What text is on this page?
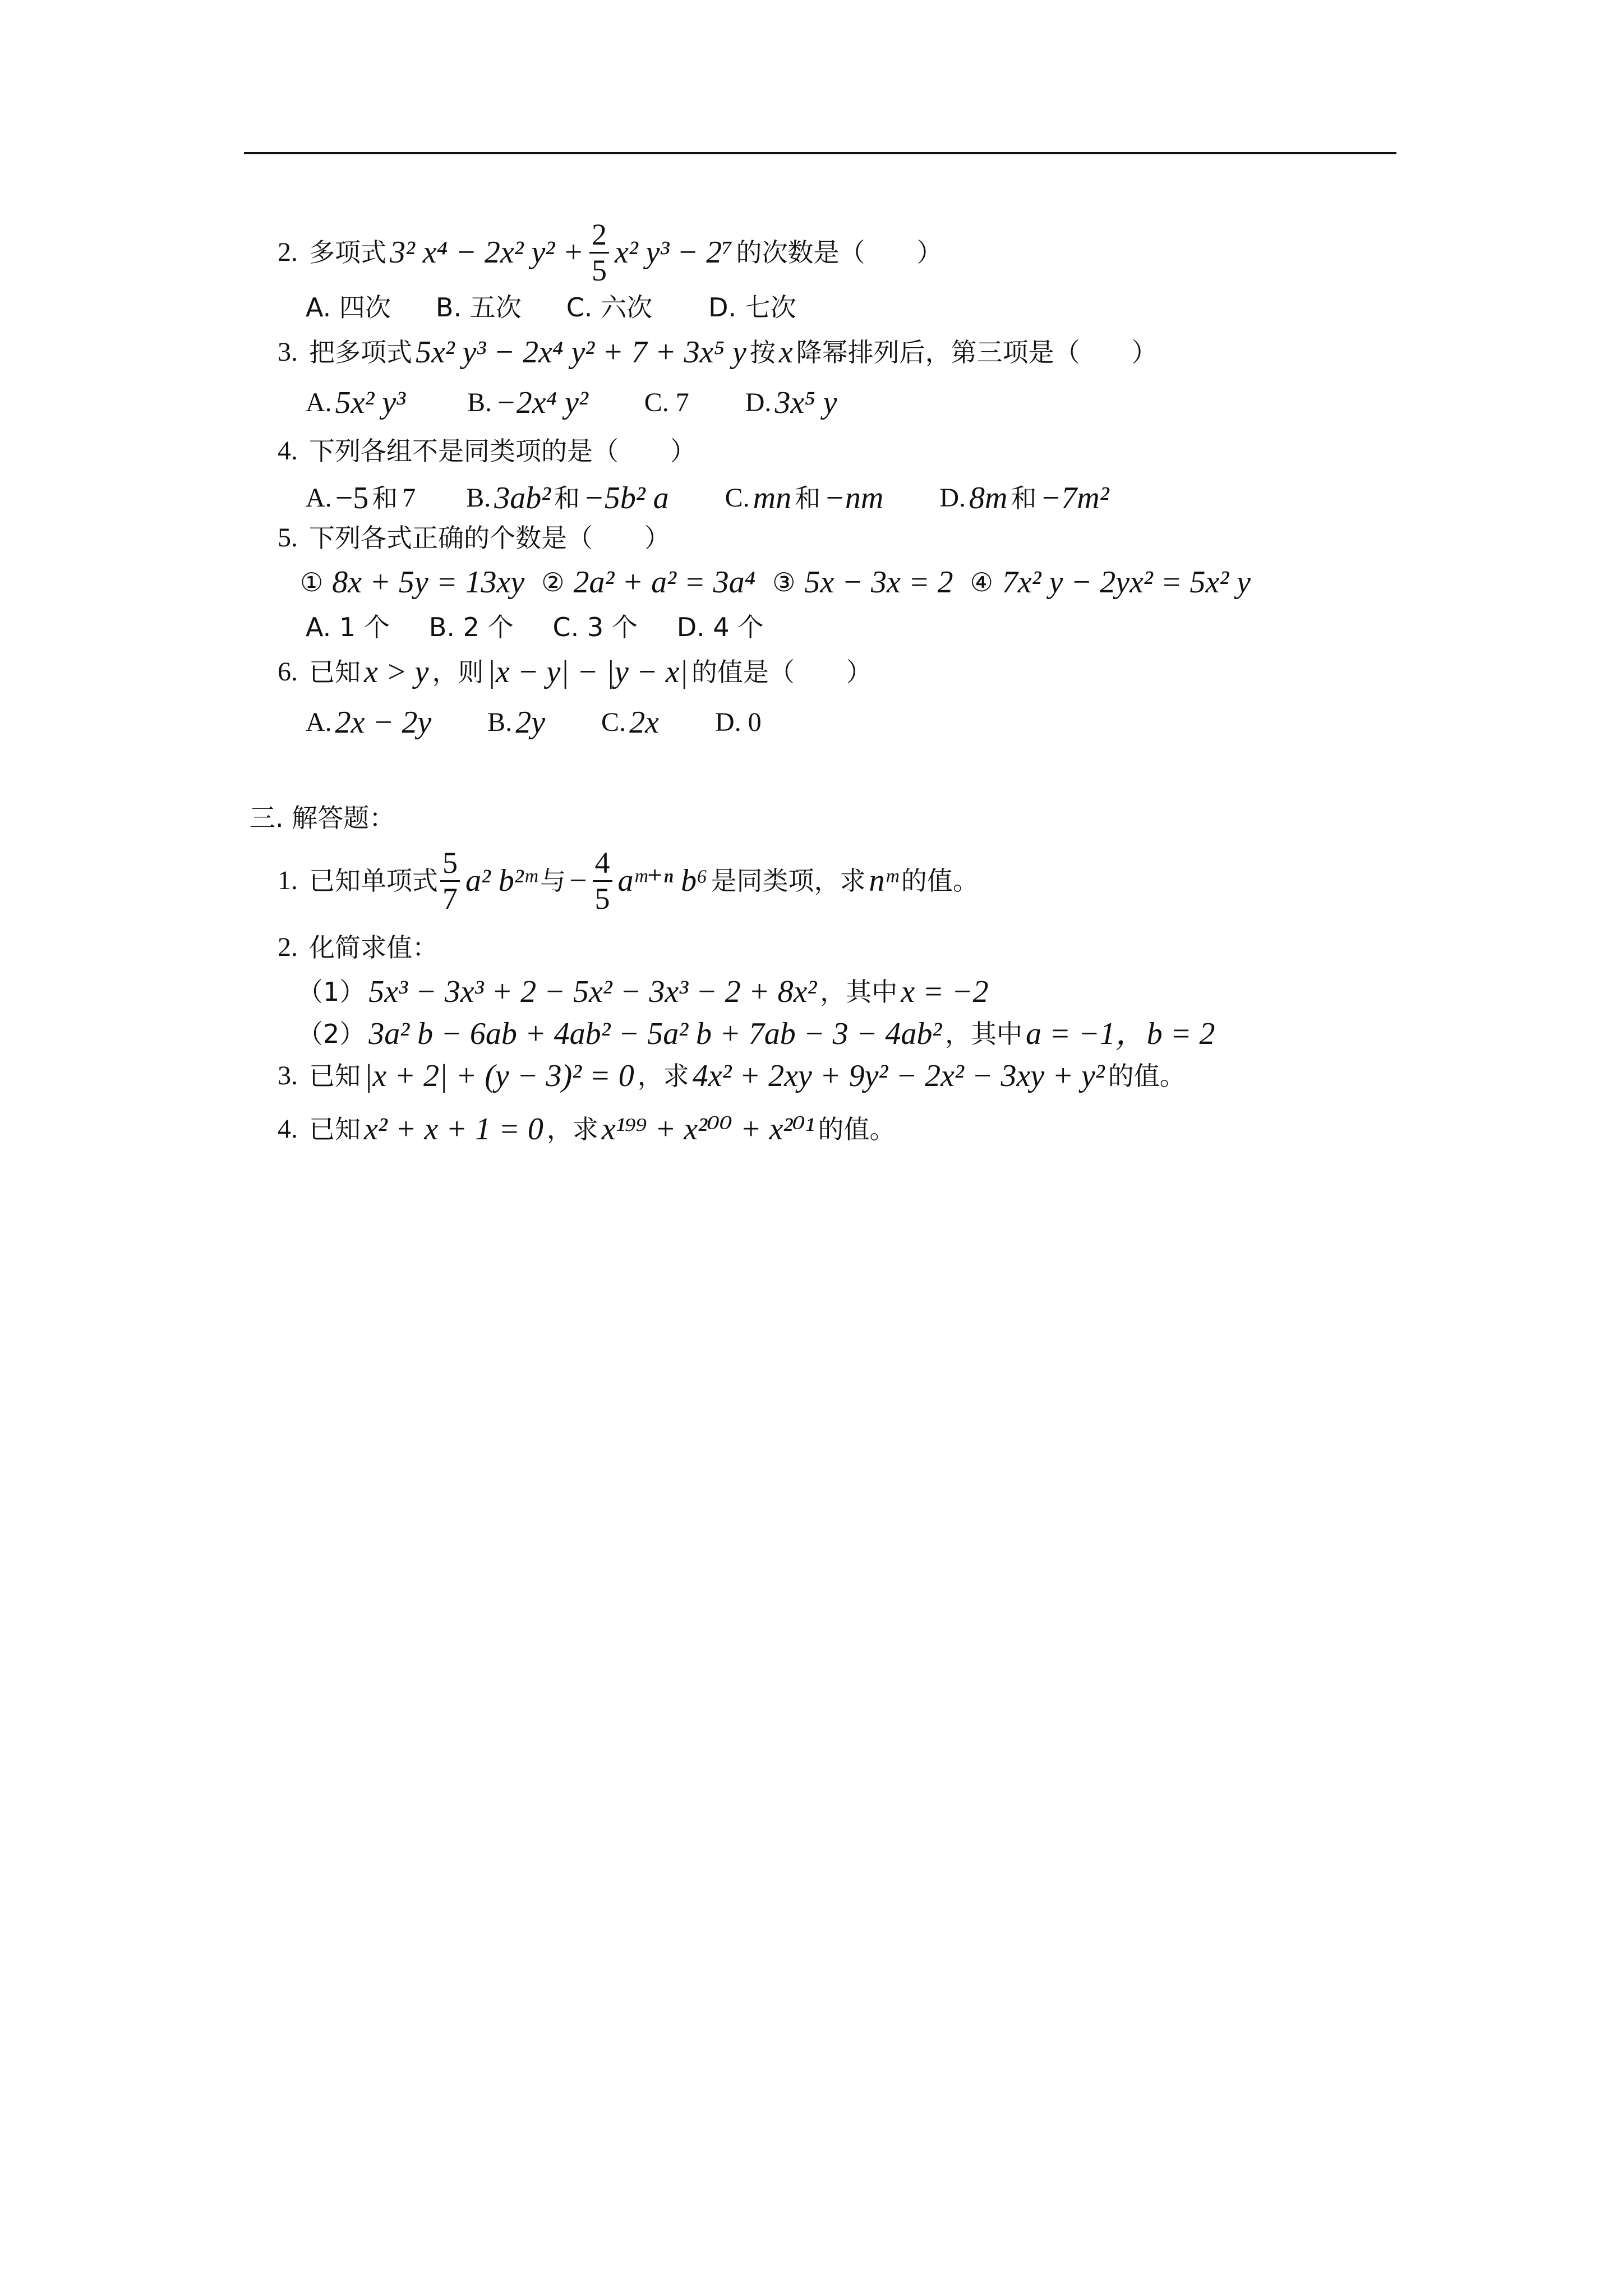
2. 多项式 3² x⁴ − 2x² $y^2 + \frac{2}{5} x^2$ y³ − 2⁷ 的次数是（　　）
A. 四次 B. 五次 C. 六次 D. 七次
3. 把多项式 5x² y³ − 2x⁴ y² + 7 + 3x⁵ y 按 x 降幂排列后，第三项是（　　）
A. 5x² y³ B. −2x⁴ y² C. 7 D. 3x⁵ y
4. 下列各组不是同类项的是（　　）
A. −5 和 7 B. 3ab² 和 −5b² a C. mn 和 −nm D. 8m 和 −7m²
5. 下列各式正确的个数是（　　）
① 8x + 5y = 13xy ② 2a² + a² = 3a⁴ ③ 5x − 3x = 2 ④ 7x² y − 2yx² = 5x² y
A. 1 个 B. 2 个 C. 3 个 D. 4 个
6. 已知 x > y ，则 |x − y| − |y − x| 的值是（　　）
A. 2x − 2y B. 2y C. 2x D. 0
三. 解答题：
1. 已知单项式 $\frac{5}{7} a^2$ b²ᵐ 与 − $\frac{4}{5}$ aᵐ⁺ⁿ b⁶ 是同类项，求 nᵐ 的值。
2. 化简求值：
（1） 5x³ − 3x³ + 2 − 5x² − 3x³ − 2 + 8x² ，其中 x = −2
（2） 3a² b − 6ab + 4ab² − 5a² b + 7ab − 3 − 4ab² ，其中 a = −1，b = 2
3. 已知 |x + 2| + (y − 3)² = 0 ，求 4x² + 2xy + 9y² − 2x² − 3xy + y² 的值。
4. 已知 x² + x + 1 = 0 ，求 x¹⁹⁹ + x²⁰⁰ + x²⁰¹ 的值。
